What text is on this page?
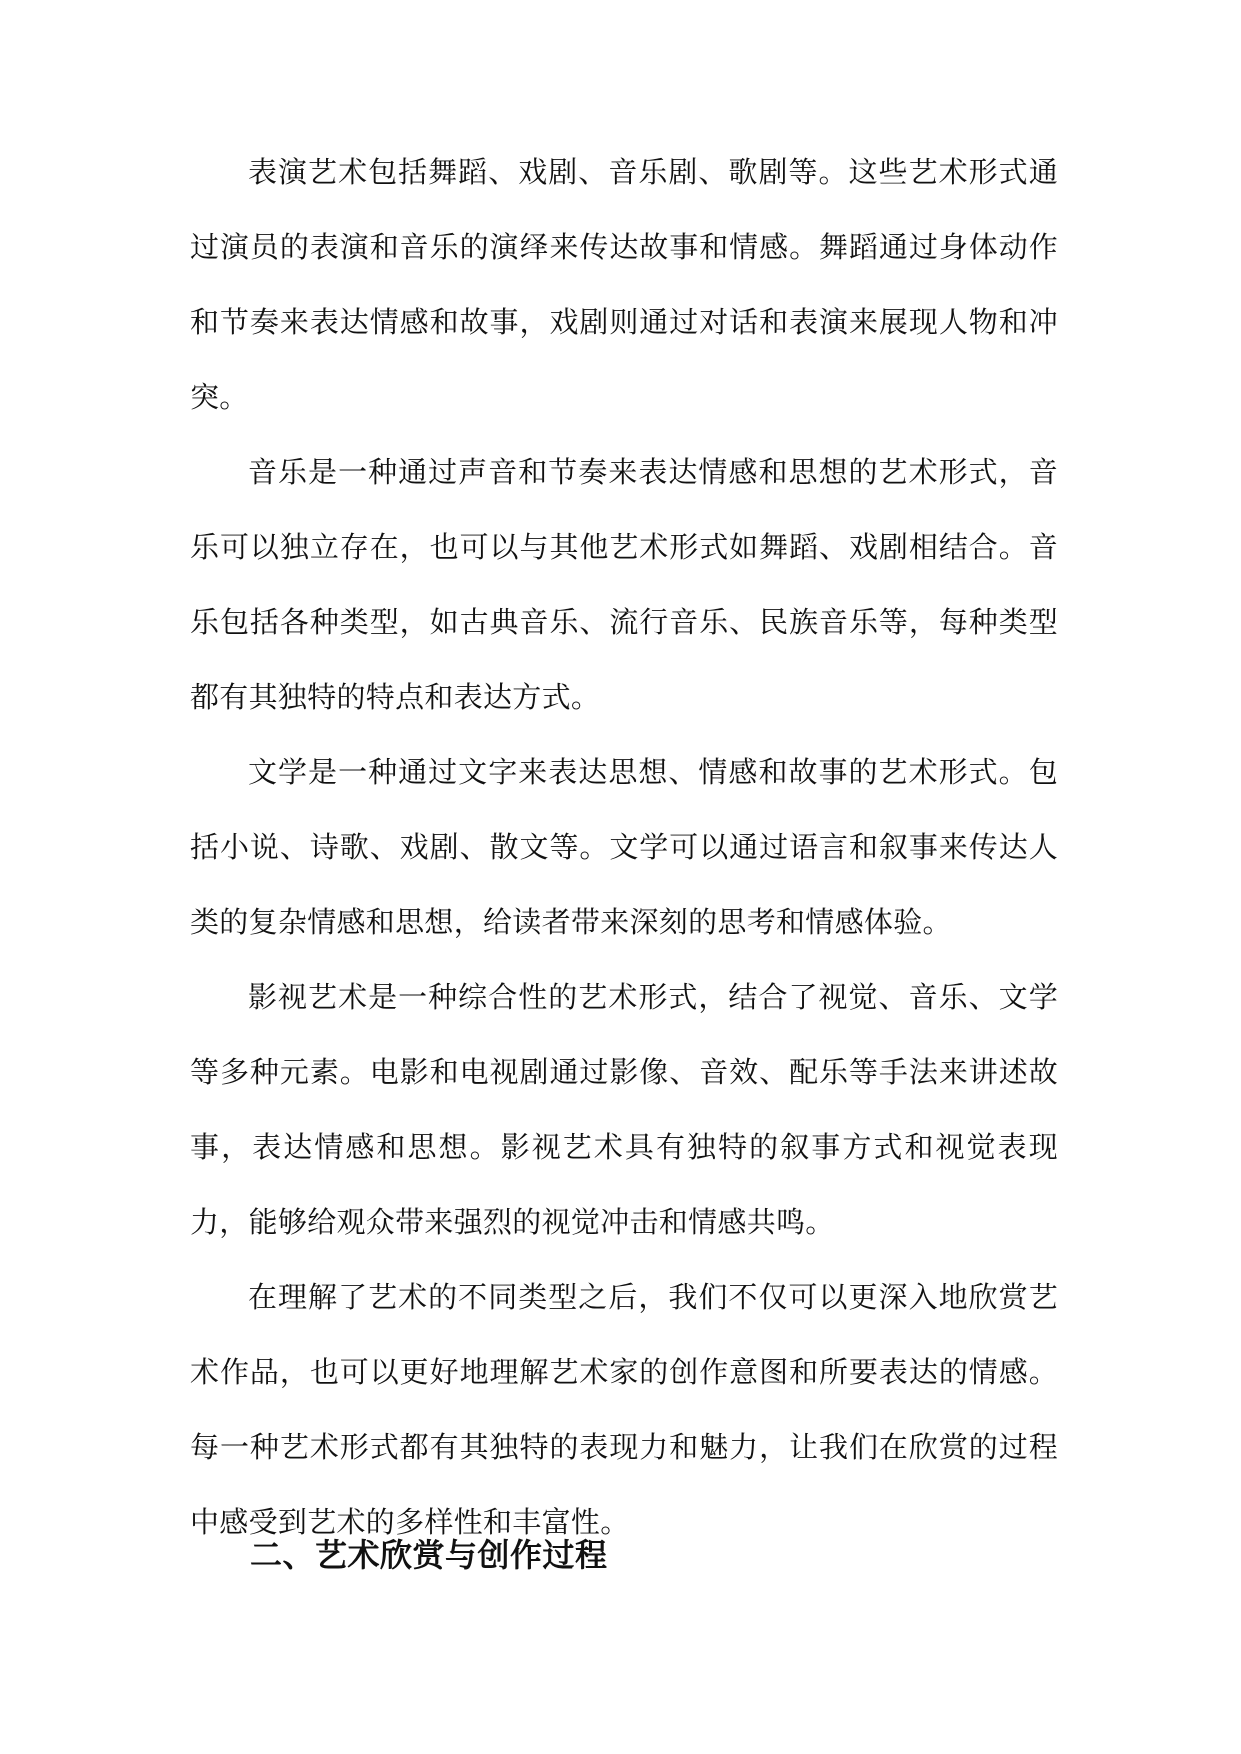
表演艺术包括舞蹈、戏剧、音乐剧、歌剧等。这些艺术形式通过演员的表演和音乐的演绎来传达故事和情感。舞蹈通过身体动作和节奏来表达情感和故事，戏剧则通过对话和表演来展现人物和冲突。

音乐是一种通过声音和节奏来表达情感和思想的艺术形式，音乐可以独立存在，也可以与其他艺术形式如舞蹈、戏剧相结合。音乐包括各种类型，如古典音乐、流行音乐、民族音乐等，每种类型都有其独特的特点和表达方式。

文学是一种通过文字来表达思想、情感和故事的艺术形式。包括小说、诗歌、戏剧、散文等。文学可以通过语言和叙事来传达人类的复杂情感和思想，给读者带来深刻的思考和情感体验。

影视艺术是一种综合性的艺术形式，结合了视觉、音乐、文学等多种元素。电影和电视剧通过影像、音效、配乐等手法来讲述故事，表达情感和思想。影视艺术具有独特的叙事方式和视觉表现力，能够给观众带来强烈的视觉冲击和情感共鸣。

在理解了艺术的不同类型之后，我们不仅可以更深入地欣赏艺术作品，也可以更好地理解艺术家的创作意图和所要表达的情感。每一种艺术形式都有其独特的表现力和魅力，让我们在欣赏的过程中感受到艺术的多样性和丰富性。

二、艺术欣赏与创作过程
